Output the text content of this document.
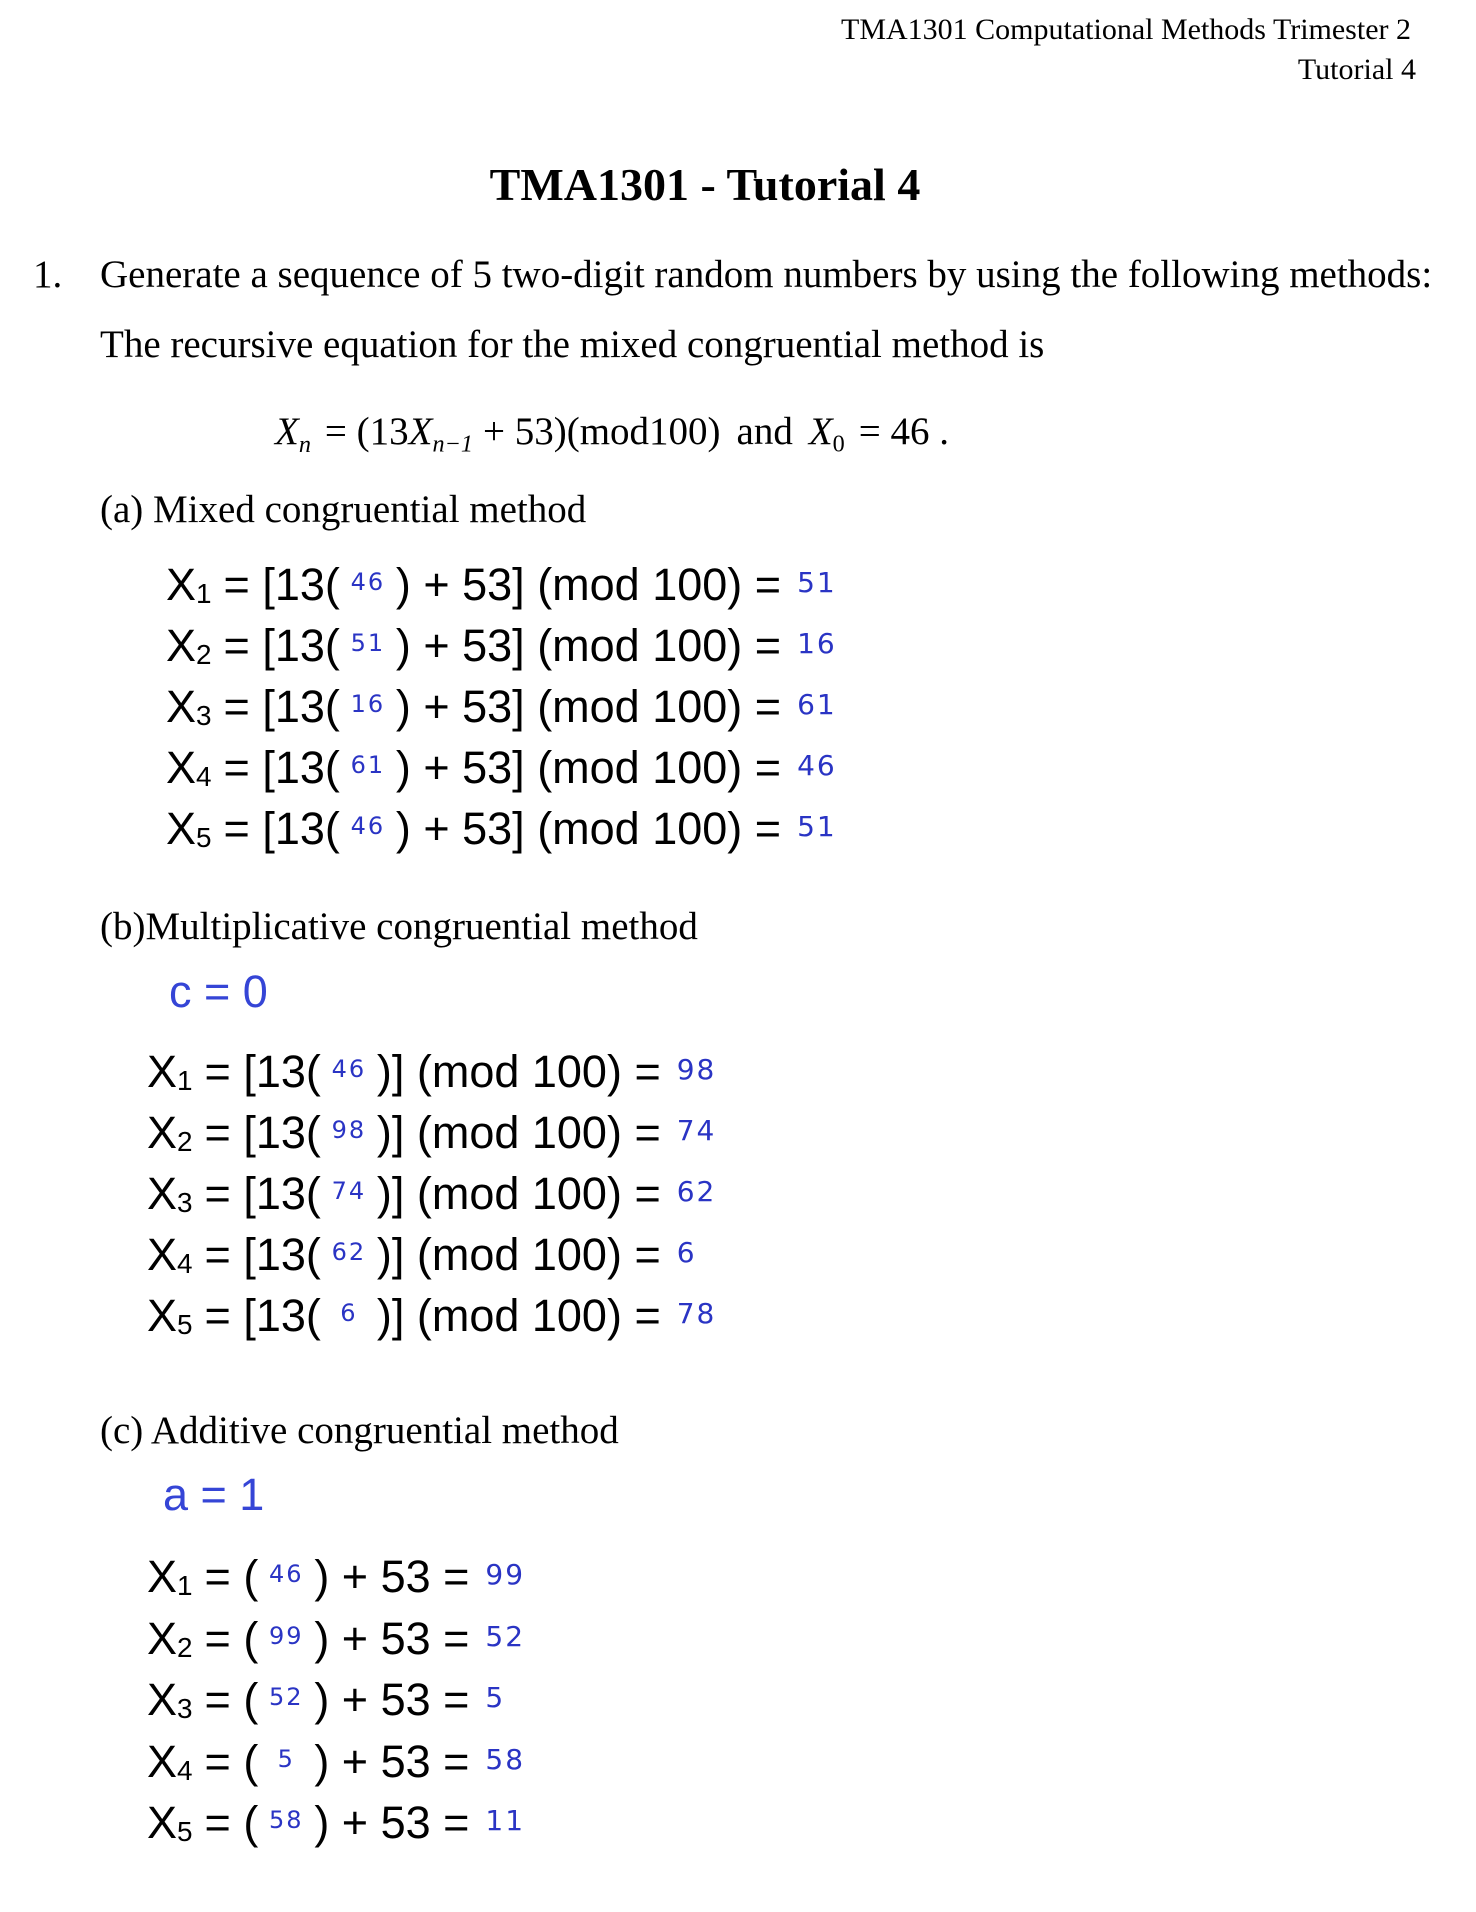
TMA1301 Computational Methods Trimester 2
Tutorial 4
TMA1301 - Tutorial 4
1. Generate a sequence of 5 two-digit random numbers by using the following methods:
The recursive equation for the mixed congruential method is
$X_n = (13X_{n-1} + 53)(mod100)$ and $X_0 = 46$ .
(a) Mixed congruential method
$X_1 = [13$( 46 ) + 53] (mod 100) = 51
$X_2 = [13$( 51 ) + 53] (mod 100) = 16
$X_3 = [13$( 16 ) + 53] (mod 100) = 61
$X_4 = [13$( 61 ) + 53] (mod 100) = 46
$X_5 = [13$( 46 ) + 53] (mod 100) = 51
(b)Multiplicative congruential method
c = 0
$X_1 = [13$( 46 )] (mod 100) = 98
$X_2 = [13$( 98 )] (mod 100) = 74
$X_3 = [13$( 74 )] (mod 100) = 62
$X_4 = [13$( 62 )] (mod 100) = 6
$X_5 = [13$( 6 )] (mod 100) = 78
(c) Additive congruential method
a = 1
$X_1$ = ( 46 ) + 53 = 99
$X_2$ = ( 99 ) + 53 = 52
$X_3$ = ( 52 ) + 53 = 5
$X_4$ = ( 5 ) + 53 = 58
$X_5$ = ( 58 ) + 53 = 11
